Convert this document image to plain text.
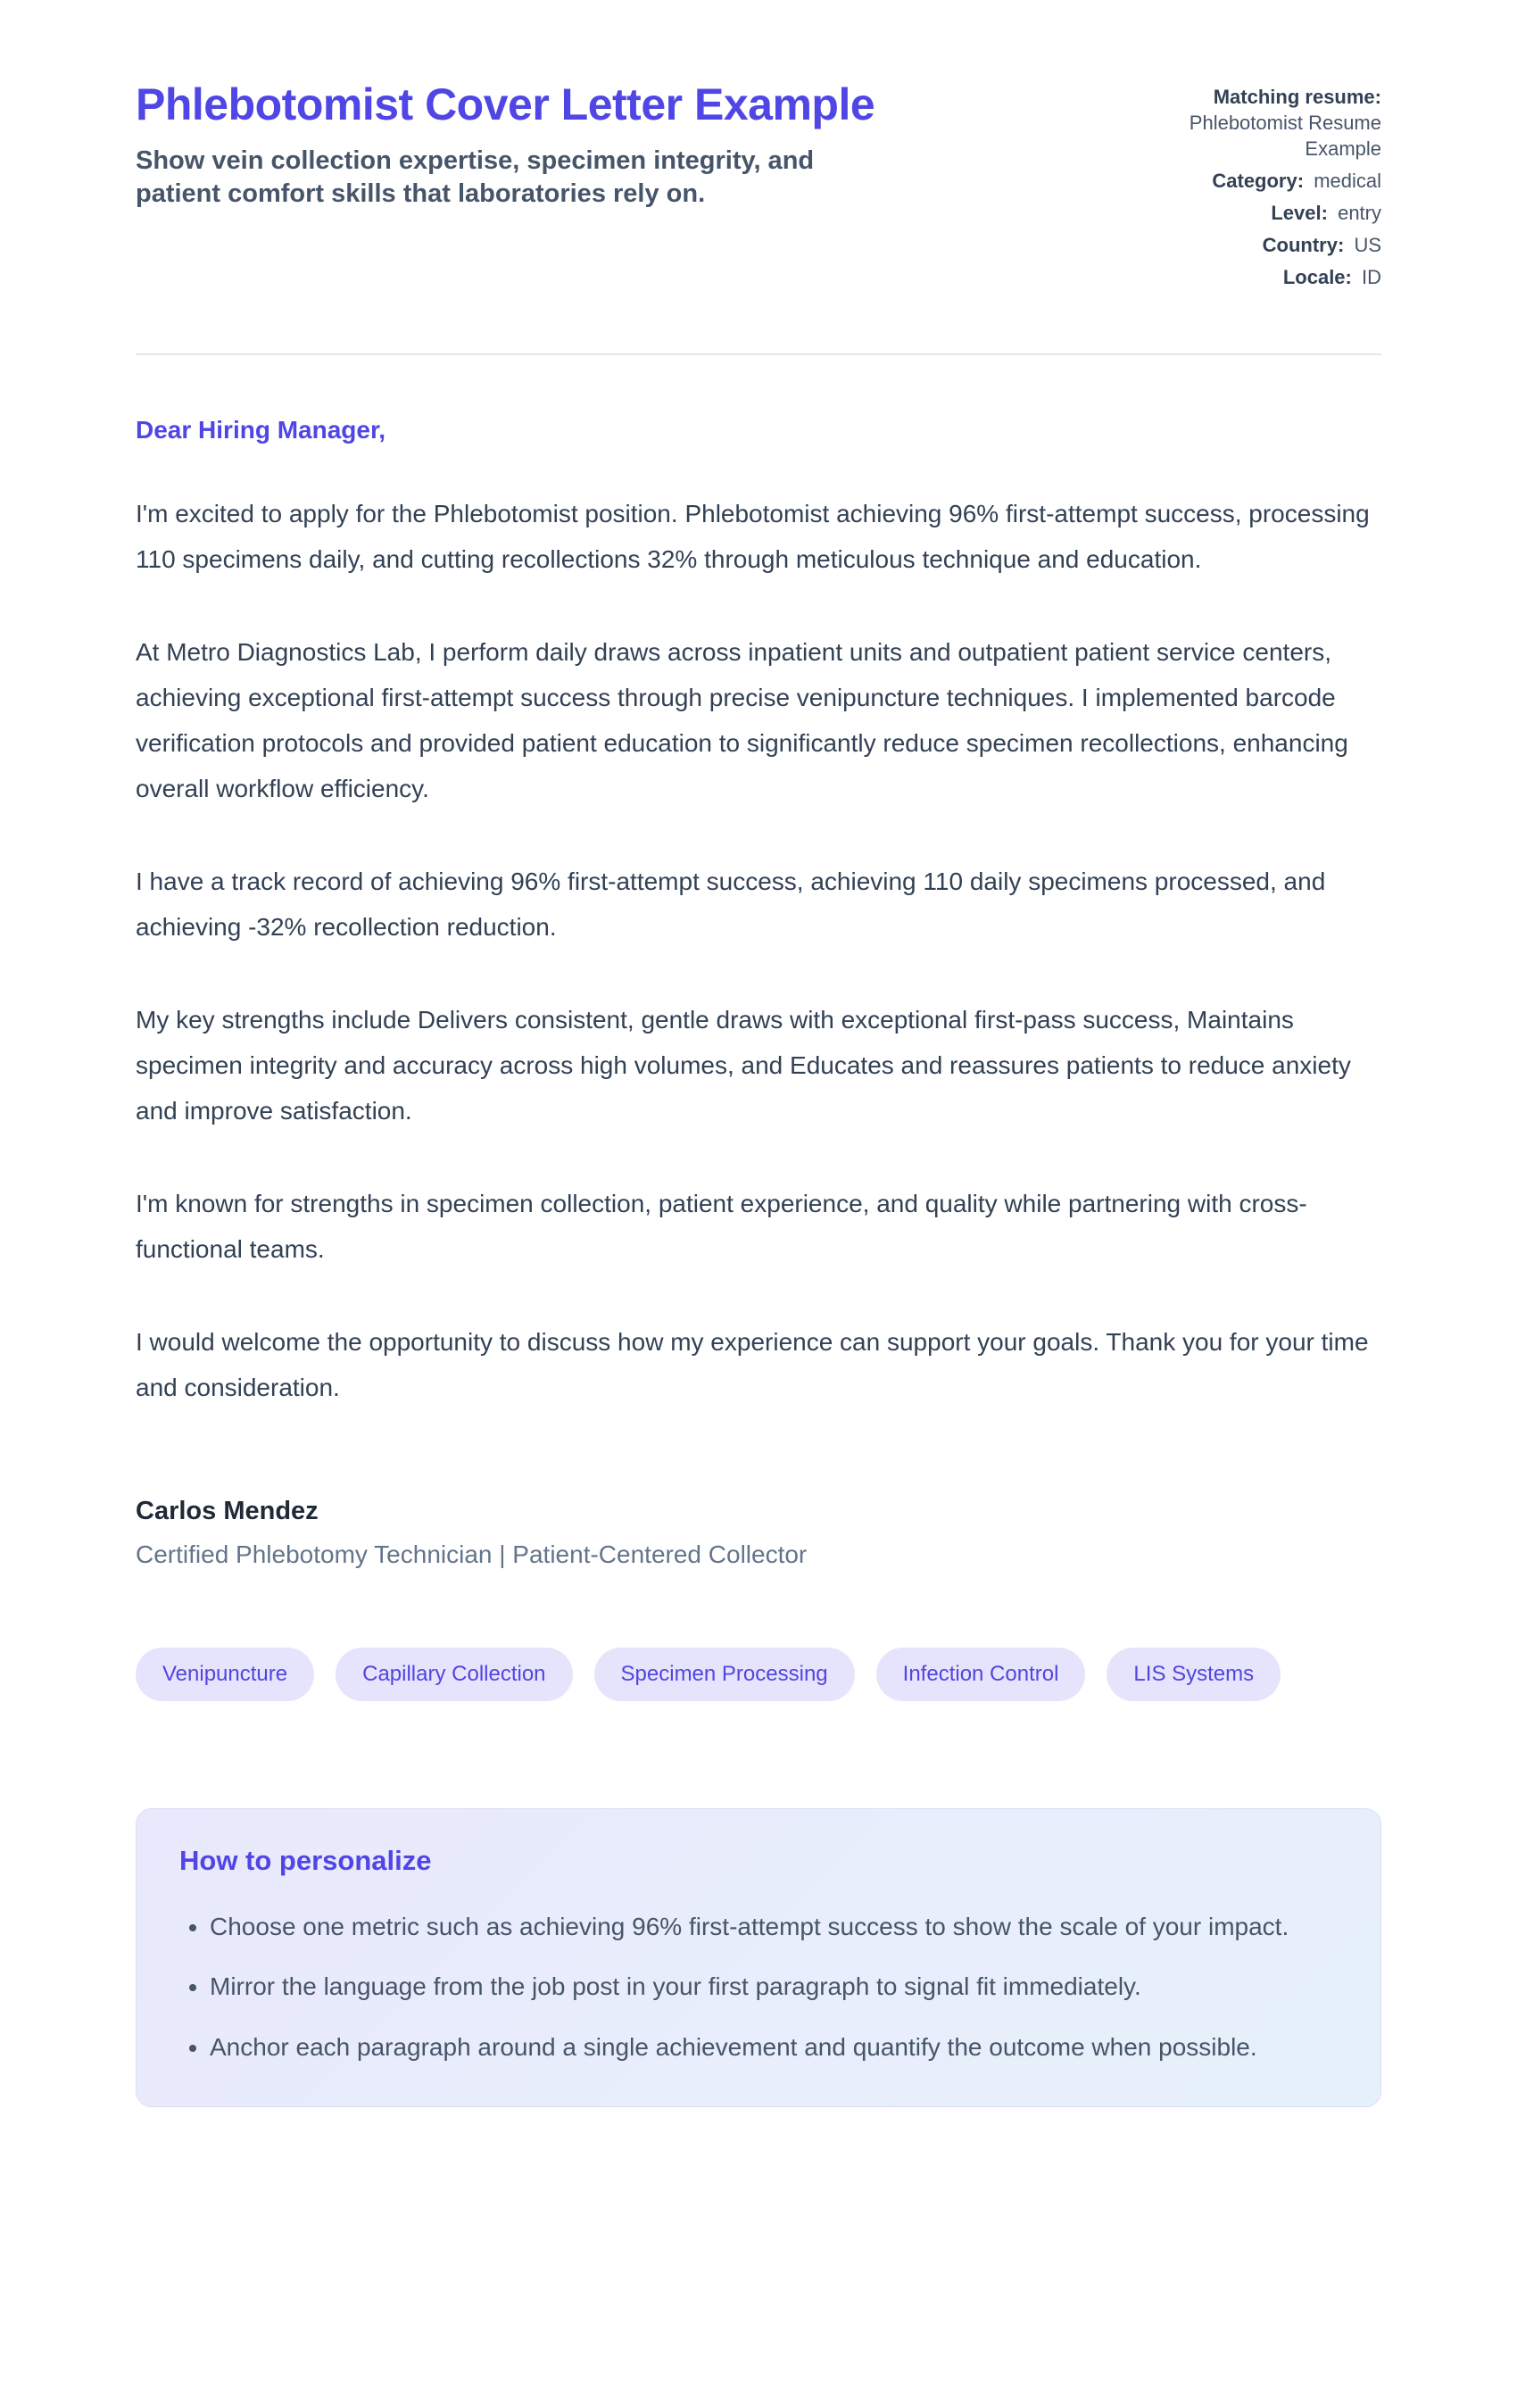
Phlebotomist Cover Letter Example

Show vein collection expertise, specimen integrity, and patient comfort skills that laboratories rely on.

Matching resume: Phlebotomist Resume Example
Category: medical
Level: entry
Country: US
Locale: ID

Dear Hiring Manager,

I'm excited to apply for the Phlebotomist position. Phlebotomist achieving 96% first-attempt success, processing 110 specimens daily, and cutting recollections 32% through meticulous technique and education.

At Metro Diagnostics Lab, I perform daily draws across inpatient units and outpatient patient service centers, achieving exceptional first-attempt success through precise venipuncture techniques. I implemented barcode verification protocols and provided patient education to significantly reduce specimen recollections, enhancing overall workflow efficiency.

I have a track record of achieving 96% first-attempt success, achieving 110 daily specimens processed, and achieving -32% recollection reduction.

My key strengths include Delivers consistent, gentle draws with exceptional first-pass success, Maintains specimen integrity and accuracy across high volumes, and Educates and reassures patients to reduce anxiety and improve satisfaction.

I'm known for strengths in specimen collection, patient experience, and quality while partnering with cross-functional teams.

I would welcome the opportunity to discuss how my experience can support your goals. Thank you for your time and consideration.

Carlos Mendez

Certified Phlebotomy Technician | Patient-Centered Collector

Venipuncture	Capillary Collection	Specimen Processing	Infection Control	LIS Systems
How to personalize
• Choose one metric such as achieving 96% first-attempt success to show the scale of your impact.
• Mirror the language from the job post in your first paragraph to signal fit immediately.
• Anchor each paragraph around a single achievement and quantify the outcome when possible.
